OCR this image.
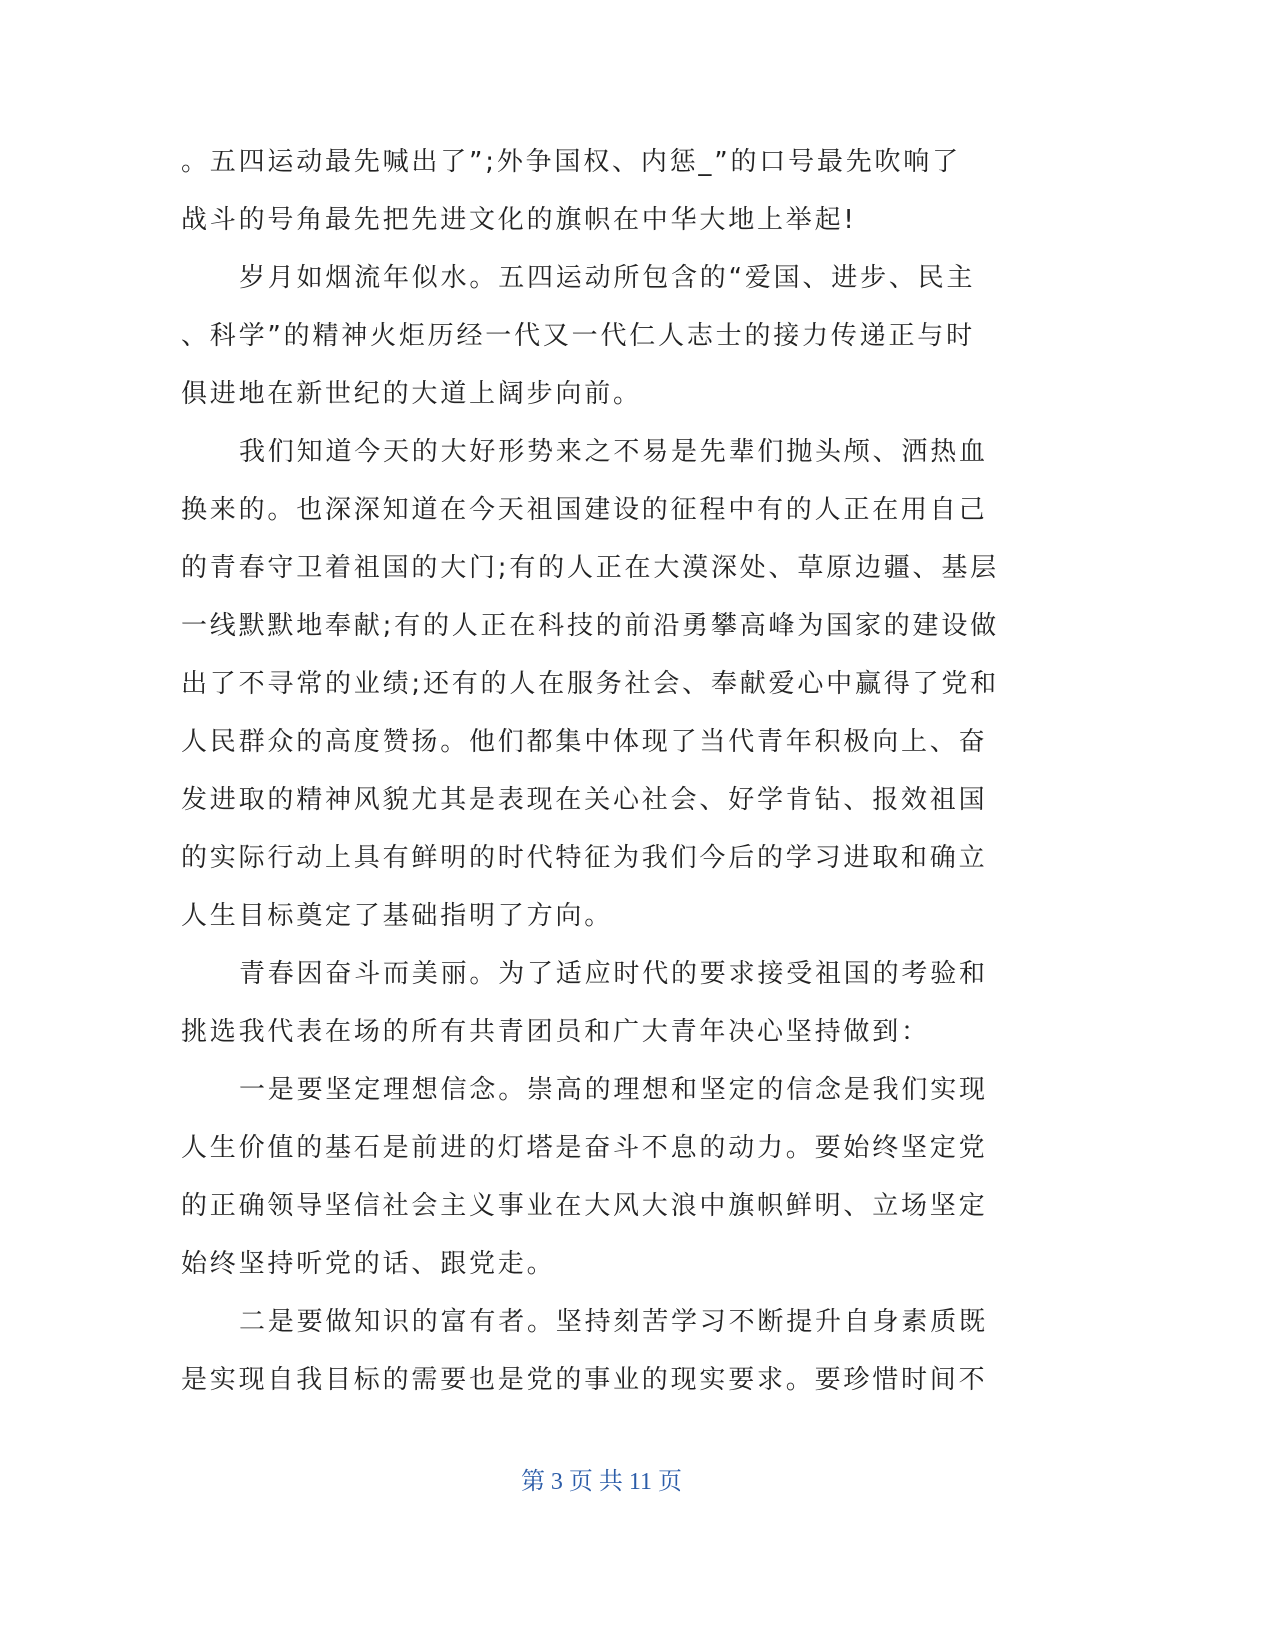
。五四运动最先喊出了”;外争国权、内惩_”的口号最先吹响了
战斗的号角最先把先进文化的旗帜在中华大地上举起!
岁月如烟流年似水。五四运动所包含的“爱国、进步、民主
、科学”的精神火炬历经一代又一代仁人志士的接力传递正与时
俱进地在新世纪的大道上阔步向前。
我们知道今天的大好形势来之不易是先辈们抛头颅、洒热血
换来的。也深深知道在今天祖国建设的征程中有的人正在用自己
的青春守卫着祖国的大门;有的人正在大漠深处、草原边疆、基层
一线默默地奉献;有的人正在科技的前沿勇攀高峰为国家的建设做
出了不寻常的业绩;还有的人在服务社会、奉献爱心中赢得了党和
人民群众的高度赞扬。他们都集中体现了当代青年积极向上、奋
发进取的精神风貌尤其是表现在关心社会、好学肯钻、报效祖国
的实际行动上具有鲜明的时代特征为我们今后的学习进取和确立
人生目标奠定了基础指明了方向。
青春因奋斗而美丽。为了适应时代的要求接受祖国的考验和
挑选我代表在场的所有共青团员和广大青年决心坚持做到：
一是要坚定理想信念。崇高的理想和坚定的信念是我们实现
人生价值的基石是前进的灯塔是奋斗不息的动力。要始终坚定党
的正确领导坚信社会主义事业在大风大浪中旗帜鲜明、立场坚定
始终坚持听党的话、跟党走。
二是要做知识的富有者。坚持刻苦学习不断提升自身素质既
是实现自我目标的需要也是党的事业的现实要求。要珍惜时间不
第 3 页 共 11 页
